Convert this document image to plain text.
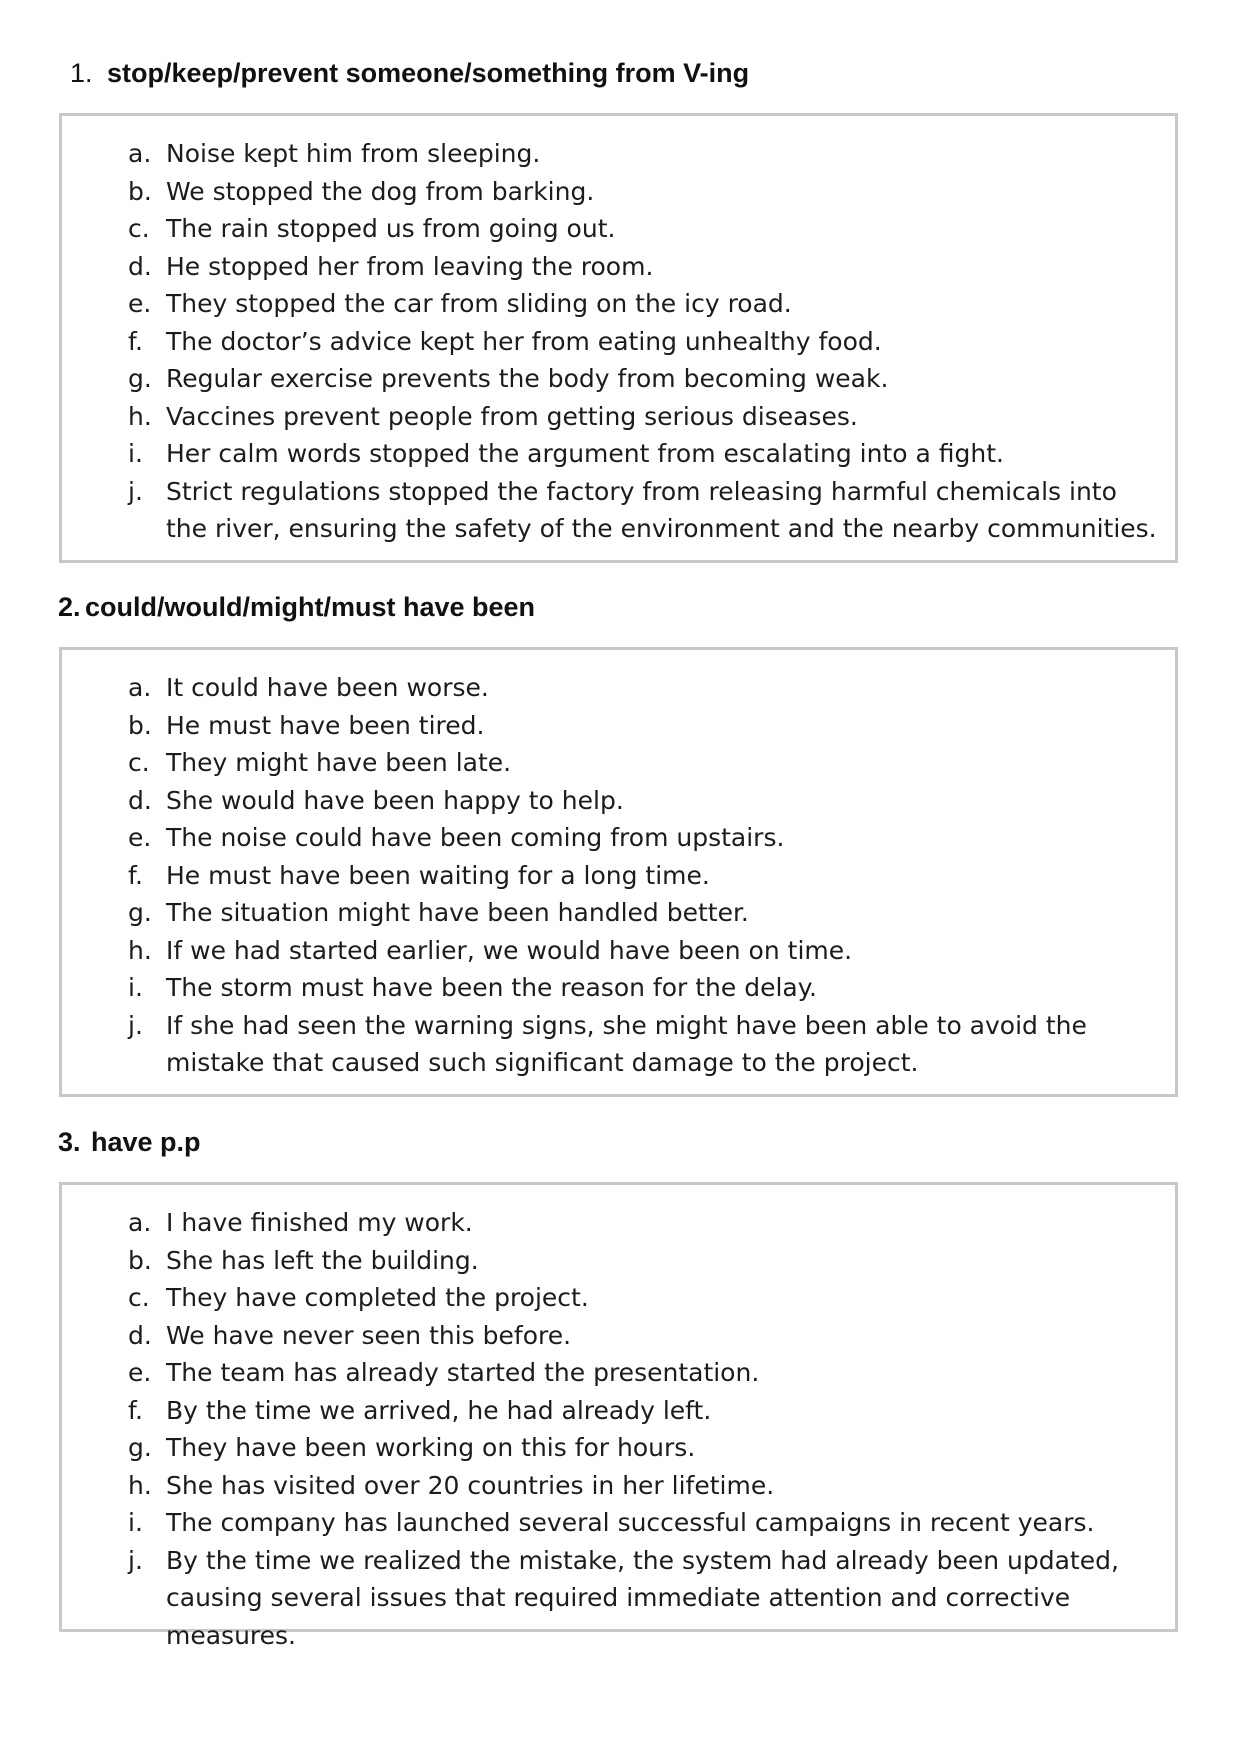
1. stop/keep/prevent someone/something from V-ing
a. Noise kept him from sleeping.
b. We stopped the dog from barking.
c. The rain stopped us from going out.
d. He stopped her from leaving the room.
e. They stopped the car from sliding on the icy road.
f. The doctor’s advice kept her from eating unhealthy food.
g. Regular exercise prevents the body from becoming weak.
h. Vaccines prevent people from getting serious diseases.
i. Her calm words stopped the argument from escalating into a fight.
j. Strict regulations stopped the factory from releasing harmful chemicals into the river, ensuring the safety of the environment and the nearby communities.
2. could/would/might/must have been
a. It could have been worse.
b. He must have been tired.
c. They might have been late.
d. She would have been happy to help.
e. The noise could have been coming from upstairs.
f. He must have been waiting for a long time.
g. The situation might have been handled better.
h. If we had started earlier, we would have been on time.
i. The storm must have been the reason for the delay.
j. If she had seen the warning signs, she might have been able to avoid the mistake that caused such significant damage to the project.
3. have p.p
a. I have finished my work.
b. She has left the building.
c. They have completed the project.
d. We have never seen this before.
e. The team has already started the presentation.
f. By the time we arrived, he had already left.
g. They have been working on this for hours.
h. She has visited over 20 countries in her lifetime.
i. The company has launched several successful campaigns in recent years.
j. By the time we realized the mistake, the system had already been updated, causing several issues that required immediate attention and corrective measures.
